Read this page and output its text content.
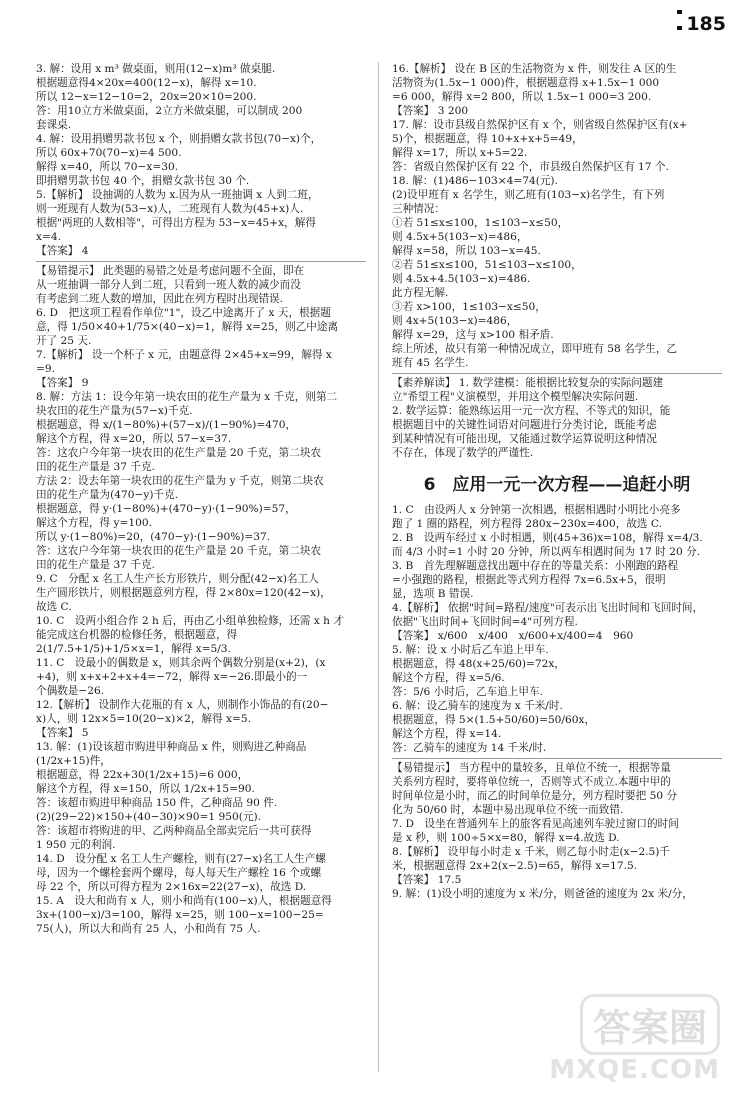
185

3. 解：设用 x m³ 做桌面，则用(12−x)m³ 做桌腿.

根据题意得4×20x=400(12−x)，解得 x=10.

所以 12−x=12−10=2，20x=20×10=200.

答：用10立方米做桌面，2立方米做桌腿，可以制成 200

套课桌.

4. 解：设用捐赠男款书包 x 个，则捐赠女款书包(70−x)个，

所以 60x+70(70−x)=4 500.

解得 x=40，所以 70−x=30.

即捐赠男款书包 40 个，捐赠女款书包 30 个.

5.【解析】 设抽调的人数为 x.因为从一班抽调 x 人到二班，

则一班现有人数为(53−x)人，二班现有人数为(45+x)人.

根据"两班的人数相等"，可得出方程为 53−x=45+x，解得

x=4.

【答案】 4

【易错提示】 此类题的易错之处是考虑问题不全面，即在

从一班抽调一部分人到二班，只看到一班人数的减少而没

有考虑到二班人数的增加，因此在列方程时出现错误.

6. D　把这项工程看作单位"1"，设乙中途离开了 x 天，根据题

意，得 1/50×40+1/75×(40−x)=1，解得 x=25，则乙中途离

开了 25 天.

7.【解析】 设一个杯子 x 元，由题意得 2×45+x=99，解得 x

=9.

【答案】 9

8. 解：方法 1：设今年第一块农田的花生产量为 x 千克，则第二

块农田的花生产量为(57−x)千克.

根据题意，得 x/(1−80%)+(57−x)/(1−90%)=470，

解这个方程，得 x=20，所以 57−x=37.

答：这农户今年第一块农田的花生产量是 20 千克，第二块农

田的花生产量是 37 千克.

方法 2：设去年第一块农田的花生产量为 y 千克，则第二块农

田的花生产量为(470−y)千克.

根据题意，得 y·(1−80%)+(470−y)·(1−90%)=57，

解这个方程，得 y=100.

所以 y·(1−80%)=20，(470−y)·(1−90%)=37.

答：这农户今年第一块农田的花生产量是 20 千克，第二块农

田的花生产量是 37 千克.

9. C　分配 x 名工人生产长方形铁片，则分配(42−x)名工人

生产圆形铁片，则根据题意列方程，得 2×80x=120(42−x)，

故选 C.

10. C　设两小组合作 2 h 后，再由乙小组单独检修，还需 x h 才

能完成这台机器的检修任务，根据题意，得

2(1/7.5+1/5)+1/5×x=1，解得 x=5/3.

11. C　设最小的偶数是 x，则其余两个偶数分别是(x+2)，(x

+4)，则 x+x+2+x+4=−72，解得 x=−26.即最小的一

个偶数是−26.

12.【解析】 设制作大花瓶的有 x 人，则制作小饰品的有(20−

x)人，则 12x×5=10(20−x)×2，解得 x=5.

【答案】 5

13. 解：(1)设该超市购进甲种商品 x 件，则购进乙种商品

(1/2x+15)件，

根据题意，得 22x+30(1/2x+15)=6 000，

解这个方程，得 x=150，所以 1/2x+15=90.

答：该超市购进甲种商品 150 件，乙种商品 90 件.

(2)(29−22)×150+(40−30)×90=1 950(元).

答：该超市将购进的甲、乙两种商品全部卖完后一共可获得

1 950 元的利润.

14. D　设分配 x 名工人生产螺栓，则有(27−x)名工人生产螺

母，因为一个螺栓套两个螺母，每人每天生产螺栓 16 个或螺

母 22 个，所以可得方程为 2×16x=22(27−x)，故选 D.

15. A　设大和尚有 x 人，则小和尚有(100−x)人，根据题意得

3x+(100−x)/3=100，解得 x=25，则 100−x=100−25=

75(人)，所以大和尚有 25 人，小和尚有 75 人.

16.【解析】 设在 B 区的生活物资为 x 件，则发往 A 区的生

活物资为(1.5x−1 000)件，根据题意得 x+1.5x−1 000

=6 000，解得 x=2 800，所以 1.5x−1 000=3 200.

【答案】 3 200

17. 解：设市县级自然保护区有 x 个，则省级自然保护区有(x+

5)个，根据题意，得 10+x+x+5=49，

解得 x=17，所以 x+5=22.

答：省级自然保护区有 22 个，市县级自然保护区有 17 个.

18. 解：(1)486−103×4=74(元).

(2)设甲班有 x 名学生，则乙班有(103−x)名学生，有下列

三种情况：

①若 51≤x≤100，1≤103−x≤50，

则 4.5x+5(103−x)=486，

解得 x=58，所以 103−x=45.

②若 51≤x≤100，51≤103−x≤100，

则 4.5x+4.5(103−x)=486.

此方程无解.

③若 x>100，1≤103−x≤50，

则 4x+5(103−x)=486，

解得 x=29，这与 x>100 相矛盾.

综上所述，故只有第一种情况成立，即甲班有 58 名学生，乙

班有 45 名学生.

【素养解读】 1. 数学建模：能根据比较复杂的实际问题建

立"希望工程"义演模型，并用这个模型解决实际问题.

2. 数学运算：能熟练运用一元一次方程、不等式的知识，能

根据题目中的关键性词语对问题进行分类讨论，既能考虑

到某种情况有可能出现，又能通过数学运算说明这种情况

不存在，体现了数学的严谨性.

6　应用一元一次方程——追赶小明

1. C　由设两人 x 分钟第一次相遇，根据相遇时小明比小亮多

跑了 1 圈的路程，列方程得 280x−230x=400，故选 C.

2. B　设两车经过 x 小时相遇，则(45+36)x=108，解得 x=4/3.

而 4/3 小时=1 小时 20 分钟，所以两车相遇时间为 17 时 20 分.

3. B　首先理解题意找出题中存在的等量关系：小刚跑的路程

=小强跑的路程，根据此等式列方程得 7x=6.5x+5，很明

显，选项 B 错误.

4.【解析】 依据"时间=路程/速度"可表示出飞出时间和飞回时间，

依据"飞出时间+飞回时间=4"可列方程.

【答案】 x/600　x/400　x/600+x/400=4　960

5. 解：设 x 小时后乙车追上甲车.

根据题意，得 48(x+25/60)=72x，

解这个方程，得 x=5/6.

答：5/6 小时后，乙车追上甲车.

6. 解：设乙骑车的速度为 x 千米/时.

根据题意，得 5×(1.5+50/60)=50/60x，

解这个方程，得 x=14.

答：乙骑车的速度为 14 千米/时.

【易错提示】 当方程中的量较多，且单位不统一，根据等量

关系列方程时，要将单位统一，否则等式不成立.本题中甲的

时间单位是小时，而乙的时间单位是分，列方程时要把 50 分

化为 50/60 时，本题中易出现单位不统一而致错.

7. D　设坐在普通列车上的旅客看见高速列车驶过窗口的时间

是 x 秒，则 100÷5×x=80，解得 x=4.故选 D.

8.【解析】 设甲每小时走 x 千米，则乙每小时走(x−2.5)千

米，根据题意得 2x+2(x−2.5)=65，解得 x=17.5.

【答案】 17.5

9. 解：(1)设小明的速度为 x 米/分，则爸爸的速度为 2x 米/分，

答案圈
MXQE.COM
